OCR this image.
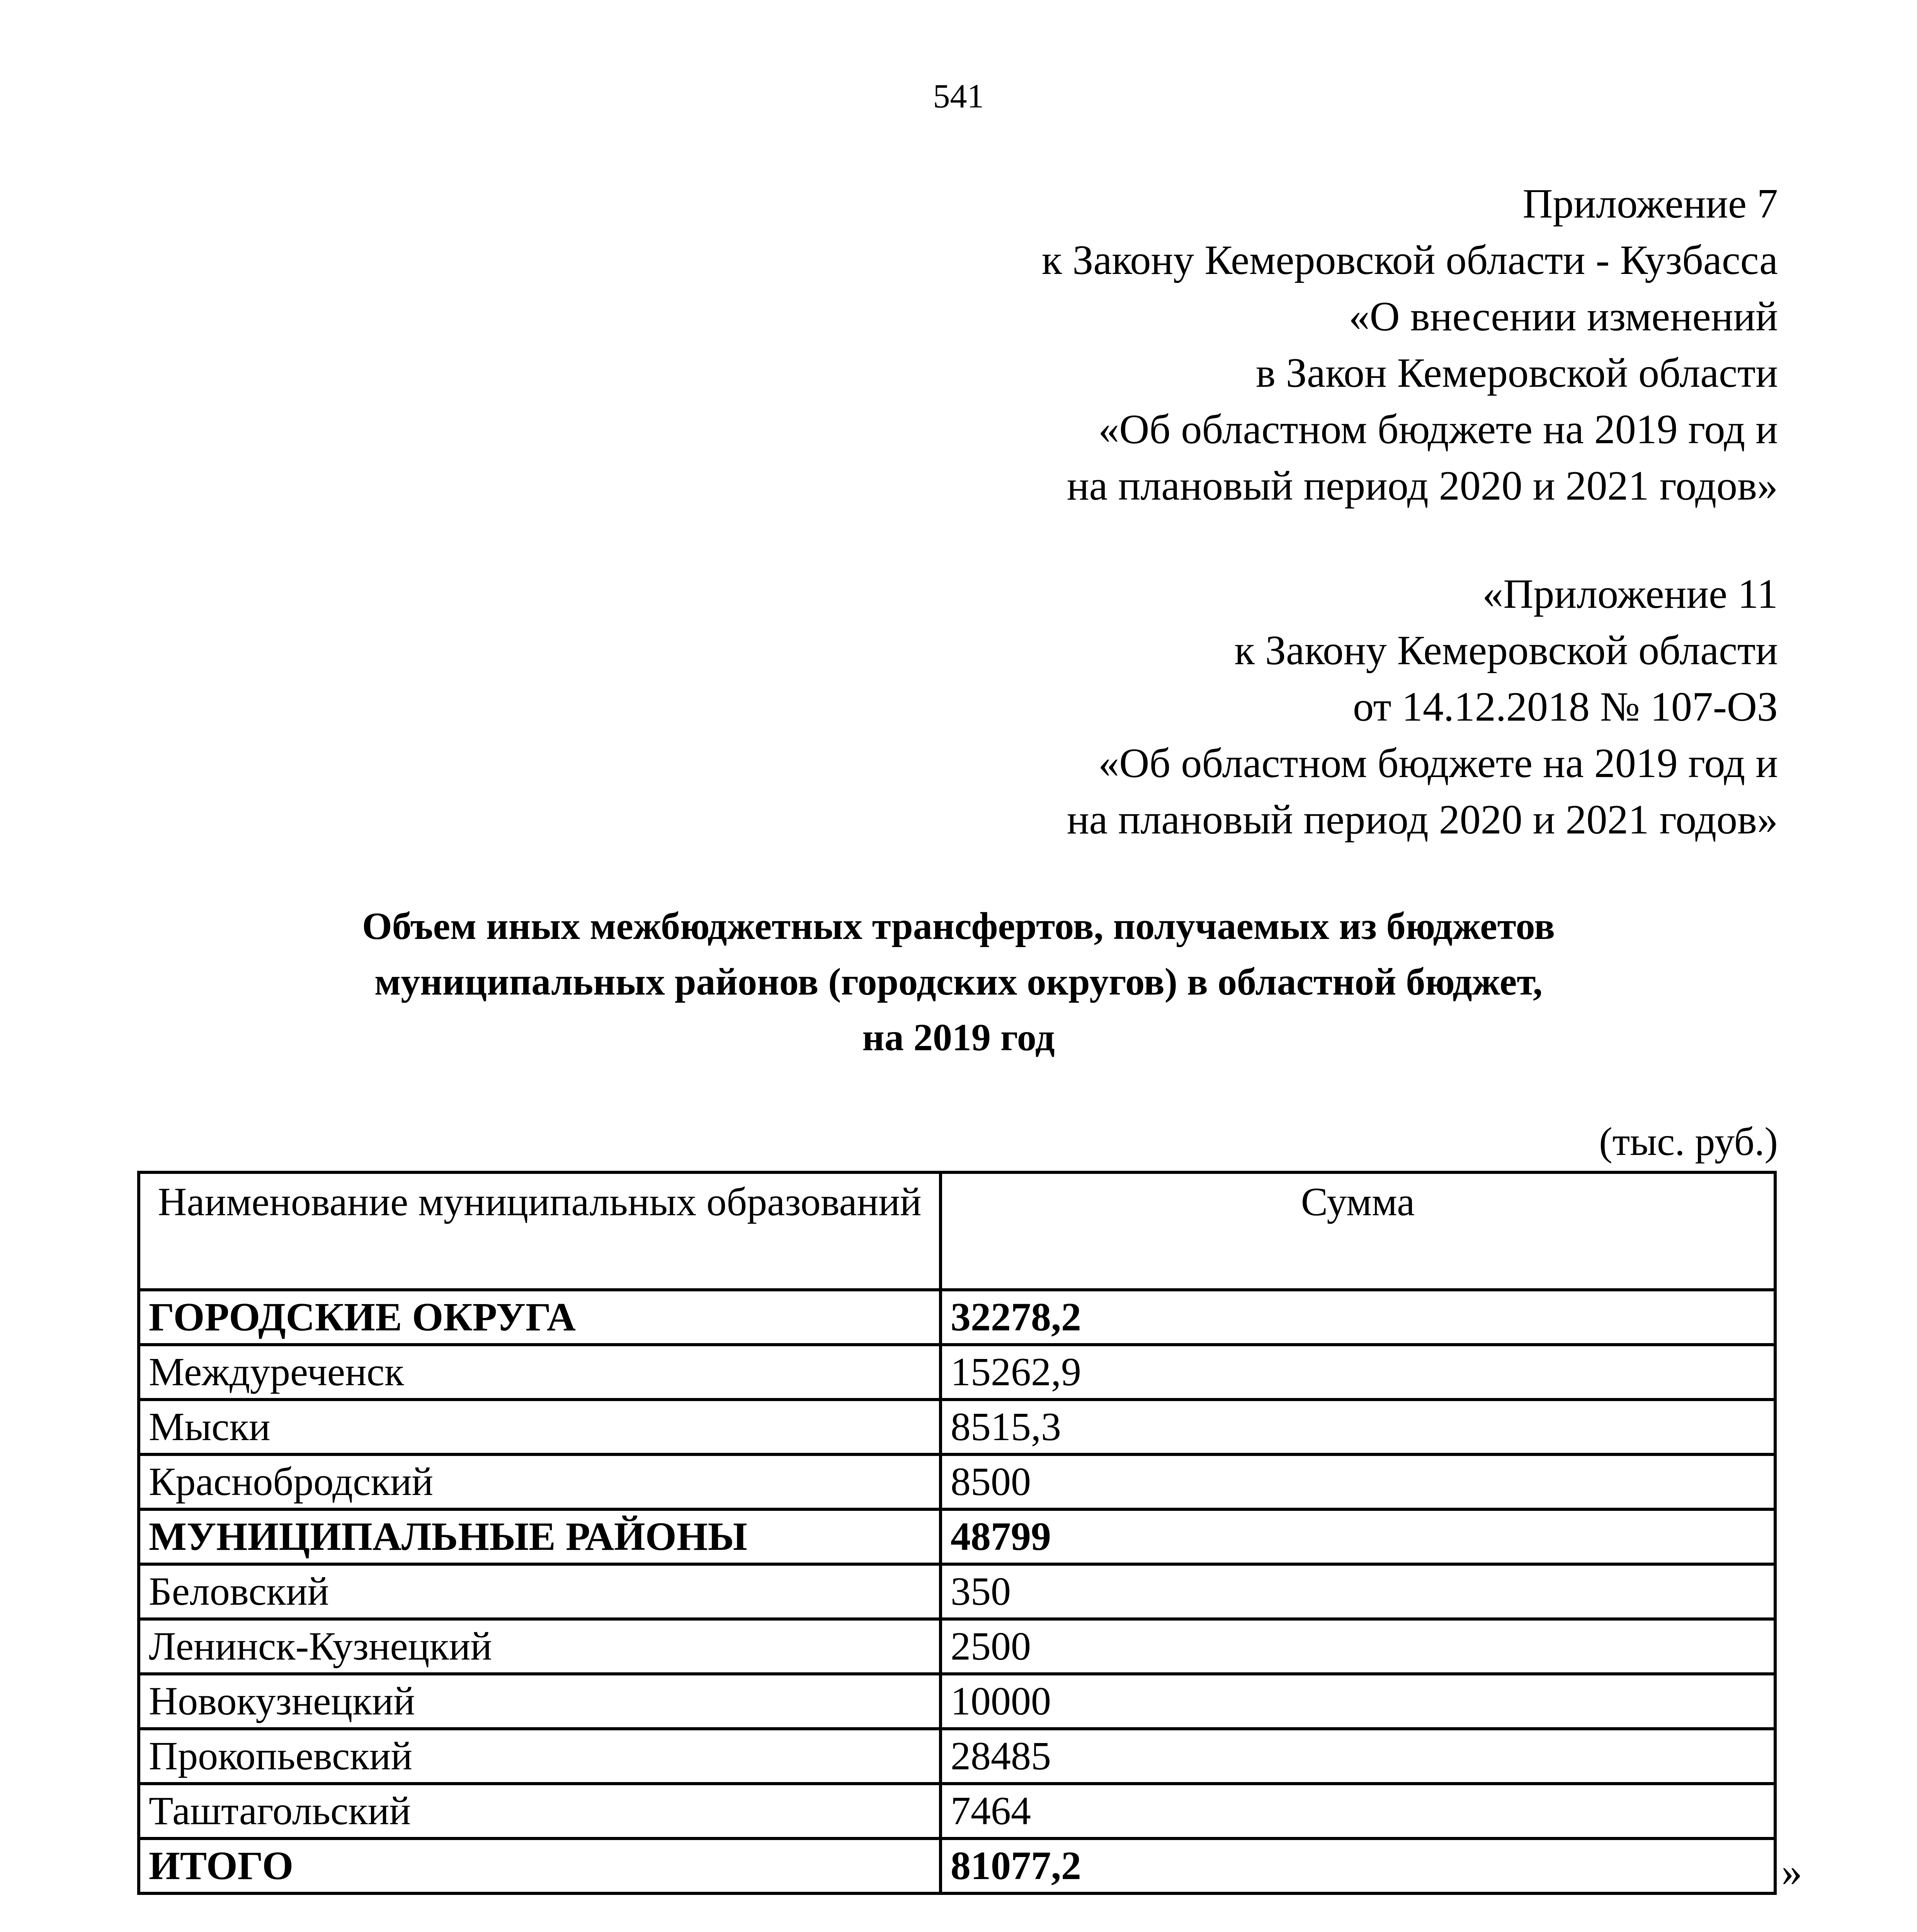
541
Приложение 7
к Закону Кемеровской области - Кузбасса
«О внесении изменений
в Закон Кемеровской области
«Об областном бюджете на 2019 год и
на плановый период 2020 и 2021 годов»
«Приложение 11
к Закону Кемеровской области
от 14.12.2018 № 107-ОЗ
«Об областном бюджете на 2019 год и
на плановый период 2020 и 2021 годов»
Объем иных межбюджетных трансфертов, получаемых из бюджетов
муниципальных районов (городских округов) в областной бюджет,
на 2019 год
(тыс. руб.)
Наименование муниципальных образований	Сумма
ГОРОДСКИЕ ОКРУГА	32278,2
Междуреченск	15262,9
Мыски	8515,3
Краснобродский	8500
МУНИЦИПАЛЬНЫЕ РАЙОНЫ	48799
Беловский	350
Ленинск-Кузнецкий	2500
Новокузнецкий	10000
Прокопьевский	28485
Таштагольский	7464
ИТОГО	81077,2	»
